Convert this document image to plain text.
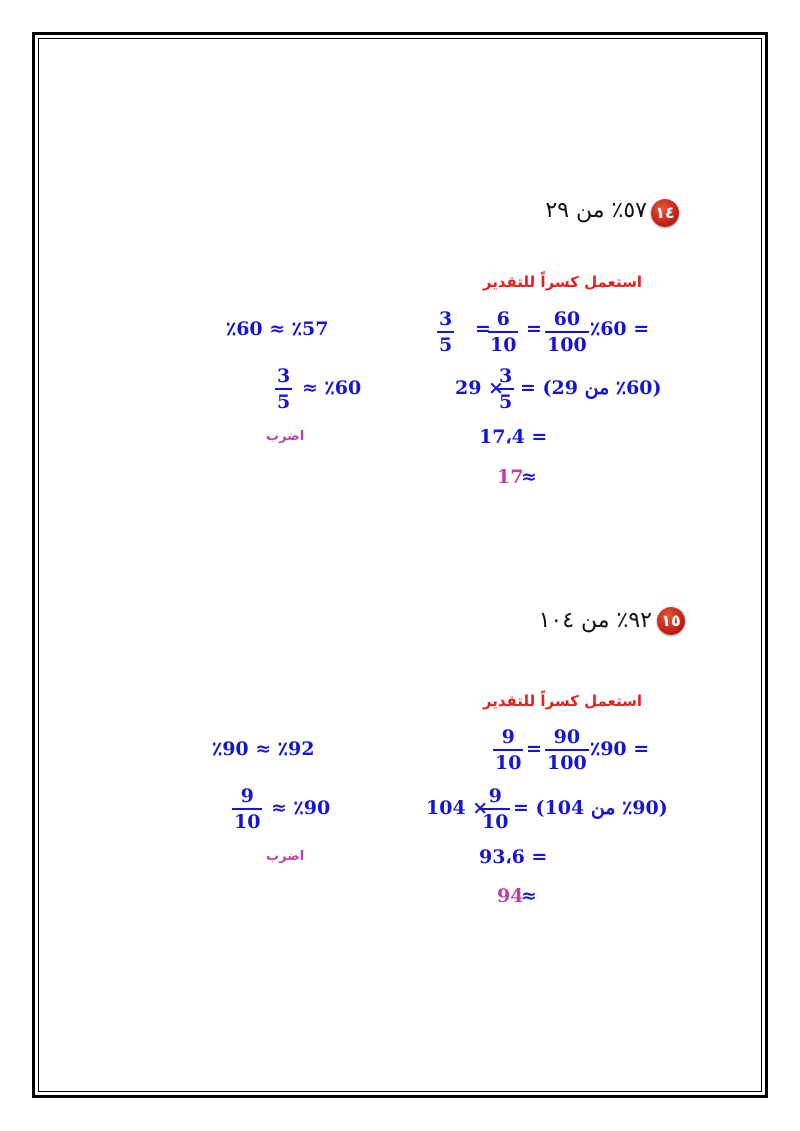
١٤
٥٧٪ من ٢٩
استعمل كسراً للتقدير
٪60 =
60
100
=
6
10
=
3
5
(٪60 من 29) =
3
5
29 ×
= 17،4
≈
17
٪60 ≈ ٪57
٪60 ≈
3
5
اضرب
١٥
٩٢٪ من ١٠٤
استعمل كسراً للتقدير
٪90 =
90
100
=
9
10
(٪90 من 104) =
9
10
104 ×
= 93،6
≈
94
٪90 ≈ ٪92
٪90 ≈
9
10
اضرب
